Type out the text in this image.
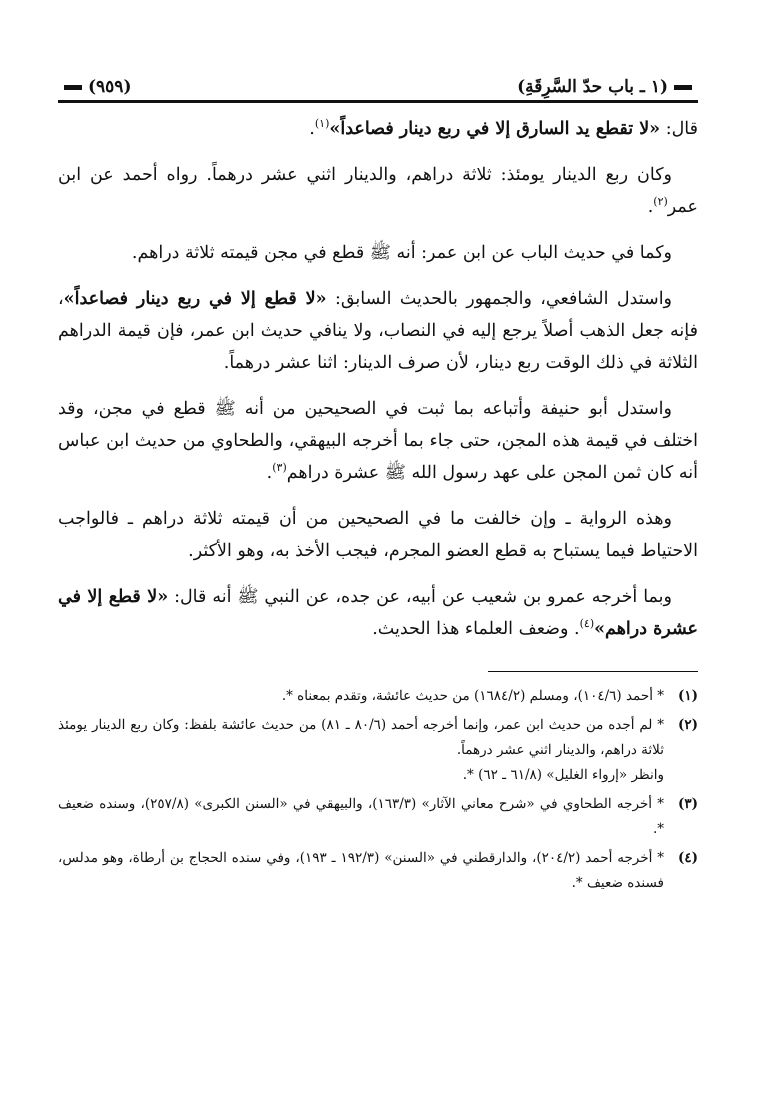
(١ ـ باب حدّ السَّرِقَةِ)
(٩٥٩)

قال: «لا تقطع يد السارق إلا في ربع دينار فصاعداً»$^{(١)}$.

وكان ربع الدينار يومئذ: ثلاثة دراهم، والدينار اثني عشر درهماً. رواه أحمد عن ابن عمر$^{(٢)}$.

وكما في حديث الباب عن ابن عمر: أنه ﷺ قطع في مجن قيمته ثلاثة دراهم.

واستدل الشافعي، والجمهور بالحديث السابق: «لا قطع إلا في ربع دينار فصاعداً»، فإنه جعل الذهب أصلاً يرجع إليه في النصاب، ولا ينافي حديث ابن عمر، فإن قيمة الدراهم الثلاثة في ذلك الوقت ربع دينار، لأن صرف الدينار: اثنا عشر درهماً.

واستدل أبو حنيفة وأتباعه بما ثبت في الصحيحين من أنه ﷺ قطع في مجن، وقد اختلف في قيمة هذه المجن، حتى جاء بما أخرجه البيهقي، والطحاوي من حديث ابن عباس أنه كان ثمن المجن على عهد رسول الله ﷺ عشرة دراهم$^{(٣)}$.

وهذه الرواية ـ وإن خالفت ما في الصحيحين من أن قيمته ثلاثة دراهم ـ فالواجب الاحتياط فيما يستباح به قطع العضو المجرم، فيجب الأخذ به، وهو الأكثر.

وبما أخرجه عمرو بن شعيب عن أبيه، عن جده، عن النبي ﷺ أنه قال: «لا قطع إلا في عشرة دراهم»$^{(٤)}$. وضعف العلماء هذا الحديث.

(١)
* أحمد (١٠٤/٦)، ومسلم (١٦٨٤/٢) من حديث عائشة، وتقدم بمعناه *.
(٢)
* لم أجده من حديث ابن عمر، وإنما أخرجه أحمد (٨٠/٦ ـ ٨١) من حديث عائشة بلفظ: وكان ربع الدينار يومئذ ثلاثة دراهم، والدينار اثني عشر درهماً.
وانظر «إرواء الغليل» (٦١/٨ ـ ٦٢) *.
(٣)
* أخرجه الطحاوي في «شرح معاني الآثار» (١٦٣/٣)، والبيهقي في «السنن الكبرى» (٢٥٧/٨)، وسنده ضعيف *.
(٤)
* أخرجه أحمد (٢٠٤/٢)، والدارقطني في «السنن» (١٩٢/٣ ـ ١٩٣)، وفي سنده الحجاج بن أرطاة، وهو مدلس، فسنده ضعيف *.
